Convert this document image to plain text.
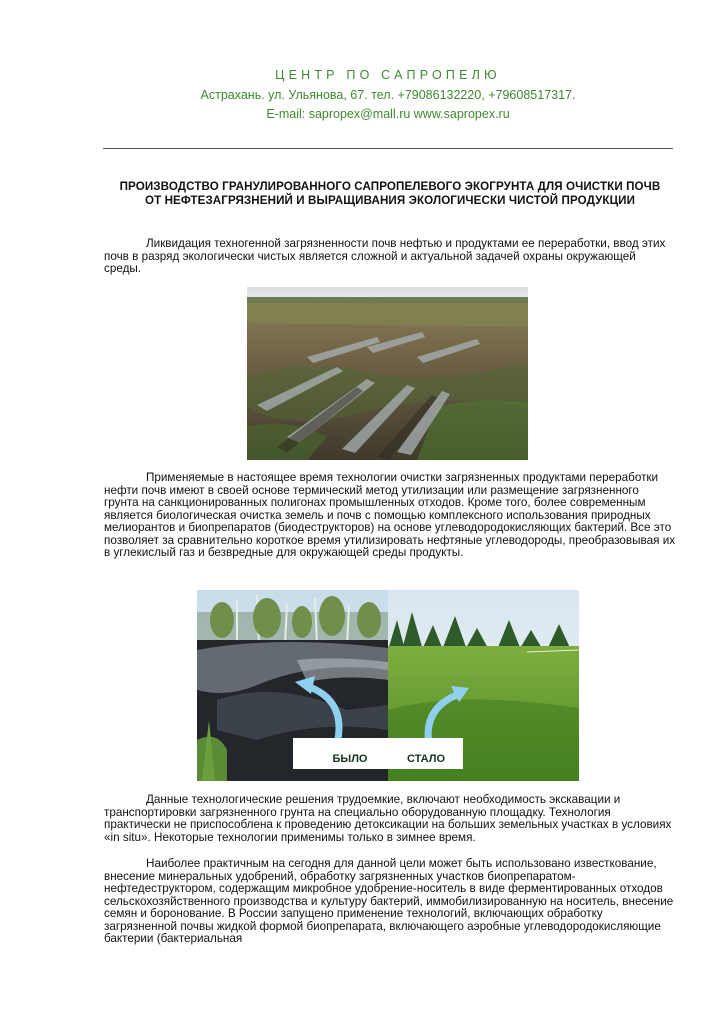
ЦЕНТР ПО САПРОПЕЛЮ
Астрахань. ул. Ульянова, 67. тел. +79086132220, +79608517317.
E-mail: sapropex@mall.ru www.sapropex.ru
ПРОИЗВОДСТВО ГРАНУЛИРОВАННОГО САПРОПЕЛЕВОГО ЭКОГРУНТА ДЛЯ ОЧИСТКИ ПОЧВ
ОТ НЕФТЕЗАГРЯЗНЕНИЙ И ВЫРАЩИВАНИЯ ЭКОЛОГИЧЕСКИ ЧИСТОЙ ПРОДУКЦИИ

Ликвидация техногенной загрязненности почв нефтью и продуктами ее переработки, ввод этих почв в разряд экологически чистых является сложной и актуальной задачей охраны окружающей среды.

Применяемые в настоящее время технологии очистки загрязненных продуктами переработки нефти почв имеют в своей основе термический метод утилизации или размещение загрязненного грунта на санкционированных полигонах промышленных отходов. Кроме того, более современным является биологическая очистка земель и почв с помощью комплексного использования природных мелиорантов и биопрепаратов (биодеструкторов) на основе углеводородокисляющих бактерий. Все это позволяет за сравнительно короткое время утилизировать нефтяные углеводороды, преобразовывая их в углекислый газ и безвредные для окружающей среды продукты.

БЫЛО	СТАЛО

Данные технологические решения трудоемкие, включают необходимость экскавации и транспортировки загрязненного грунта на специально оборудованную площадку. Технология практически не приспособлена к проведению детоксикации на больших земельных участках в условиях «in situ». Некоторые технологии применимы только в зимнее время.

Наиболее практичным на сегодня для данной цели может быть использовано известкование, внесение минеральных удобрений, обработку загрязненных участков биопрепаратом-нефтедеструктором, содержащим микробное удобрение-носитель в виде ферментированных отходов сельскохозяйственного производства и культуру бактерий, иммобилизированную на носитель, внесение семян и боронование. В России запущено применение технологий, включающих обработку загрязненной почвы жидкой формой биопрепарата, включающего аэробные углеводородокисляющие бактерии (бактериальная
